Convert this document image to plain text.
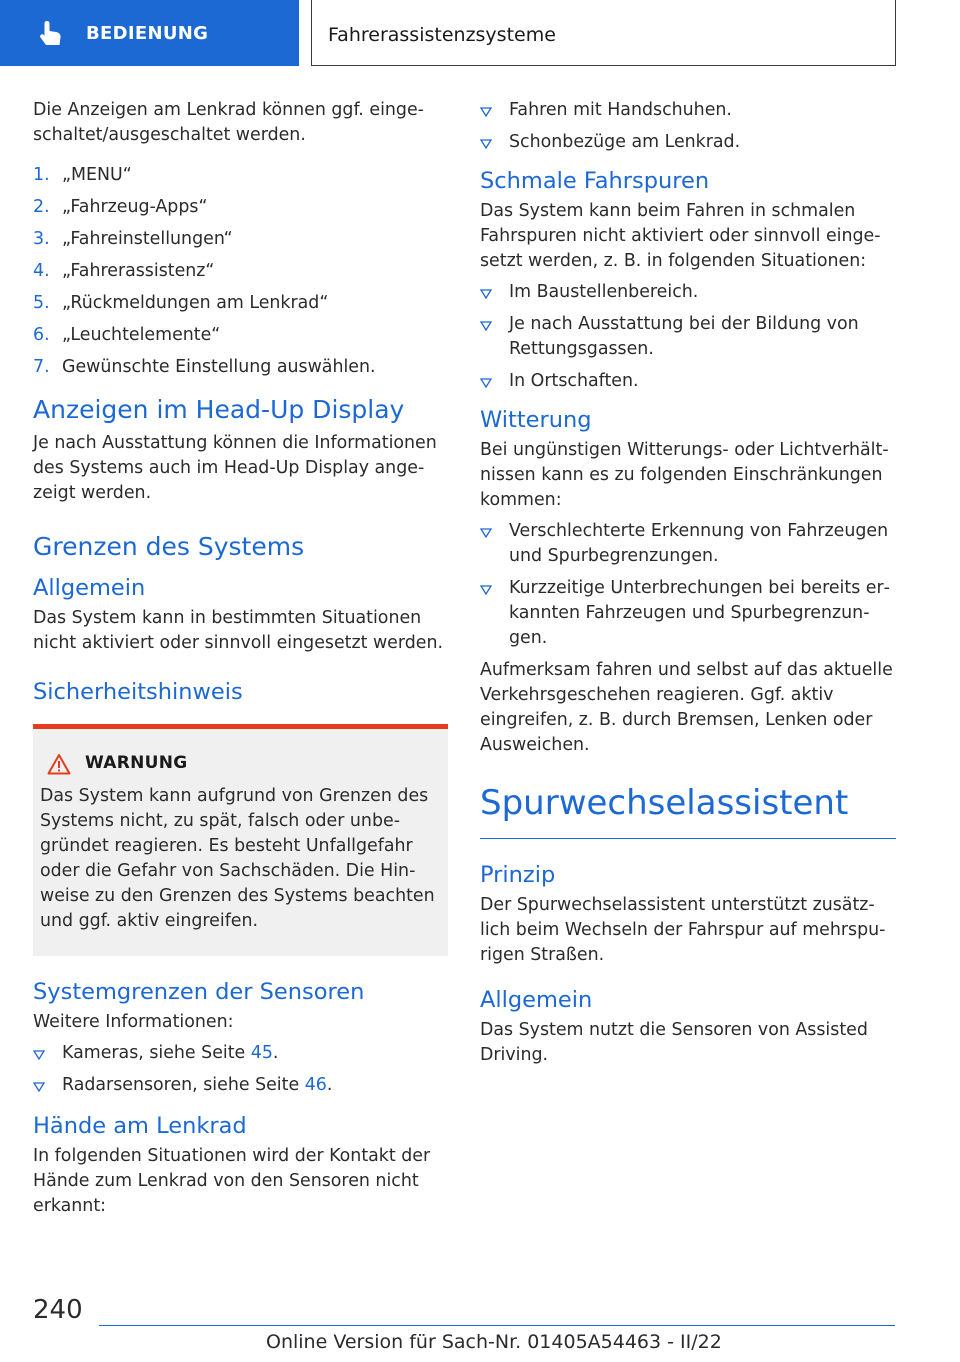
BEDIENUNG	Fahrerassistenzsysteme

Die Anzeigen am Lenkrad können ggf. eingeschaltet/ausgeschaltet werden.

1. „MENU“
2. „Fahrzeug-Apps“
3. „Fahreinstellungen“
4. „Fahrerassistenz“
5. „Rückmeldungen am Lenkrad“
6. „Leuchtelemente“
7. Gewünschte Einstellung auswählen.
Anzeigen im Head-Up Display

Je nach Ausstattung können die Informationen des Systems auch im Head-Up Display angezeigt werden.

Grenzen des Systems
Allgemein

Das System kann in bestimmten Situationen nicht aktiviert oder sinnvoll eingesetzt werden.

Sicherheitshinweis
WARNUNG

Das System kann aufgrund von Grenzen des Systems nicht, zu spät, falsch oder unbegründet reagieren. Es besteht Unfallgefahr oder die Gefahr von Sachschäden. Die Hinweise zu den Grenzen des Systems beachten und ggf. aktiv eingreifen.

Systemgrenzen der Sensoren

Weitere Informationen:

Kameras, siehe Seite 45.
Radarsensoren, siehe Seite 46.
Hände am Lenkrad

In folgenden Situationen wird der Kontakt der Hände zum Lenkrad von den Sensoren nicht erkannt:

Fahren mit Handschuhen.
Schonbezüge am Lenkrad.
Schmale Fahrspuren

Das System kann beim Fahren in schmalen Fahrspuren nicht aktiviert oder sinnvoll eingesetzt werden, z. B. in folgenden Situationen:

Im Baustellenbereich.
Je nach Ausstattung bei der Bildung von Rettungsgassen.
In Ortschaften.
Witterung

Bei ungünstigen Witterungs- oder Lichtverhältnissen kann es zu folgenden Einschränkungen kommen:

Verschlechterte Erkennung von Fahrzeugen und Spurbegrenzungen.
Kurzzeitige Unterbrechungen bei bereits erkannten Fahrzeugen und Spurbegrenzungen.

Aufmerksam fahren und selbst auf das aktuelle Verkehrsgeschehen reagieren. Ggf. aktiv eingreifen, z. B. durch Bremsen, Lenken oder Ausweichen.

Spurwechselassistent
Prinzip

Der Spurwechselassistent unterstützt zusätzlich beim Wechseln der Fahrspur auf mehrspurigen Straßen.

Allgemein

Das System nutzt die Sensoren von Assisted Driving.

240
Online Version für Sach-Nr. 01405A54463 - II/22
